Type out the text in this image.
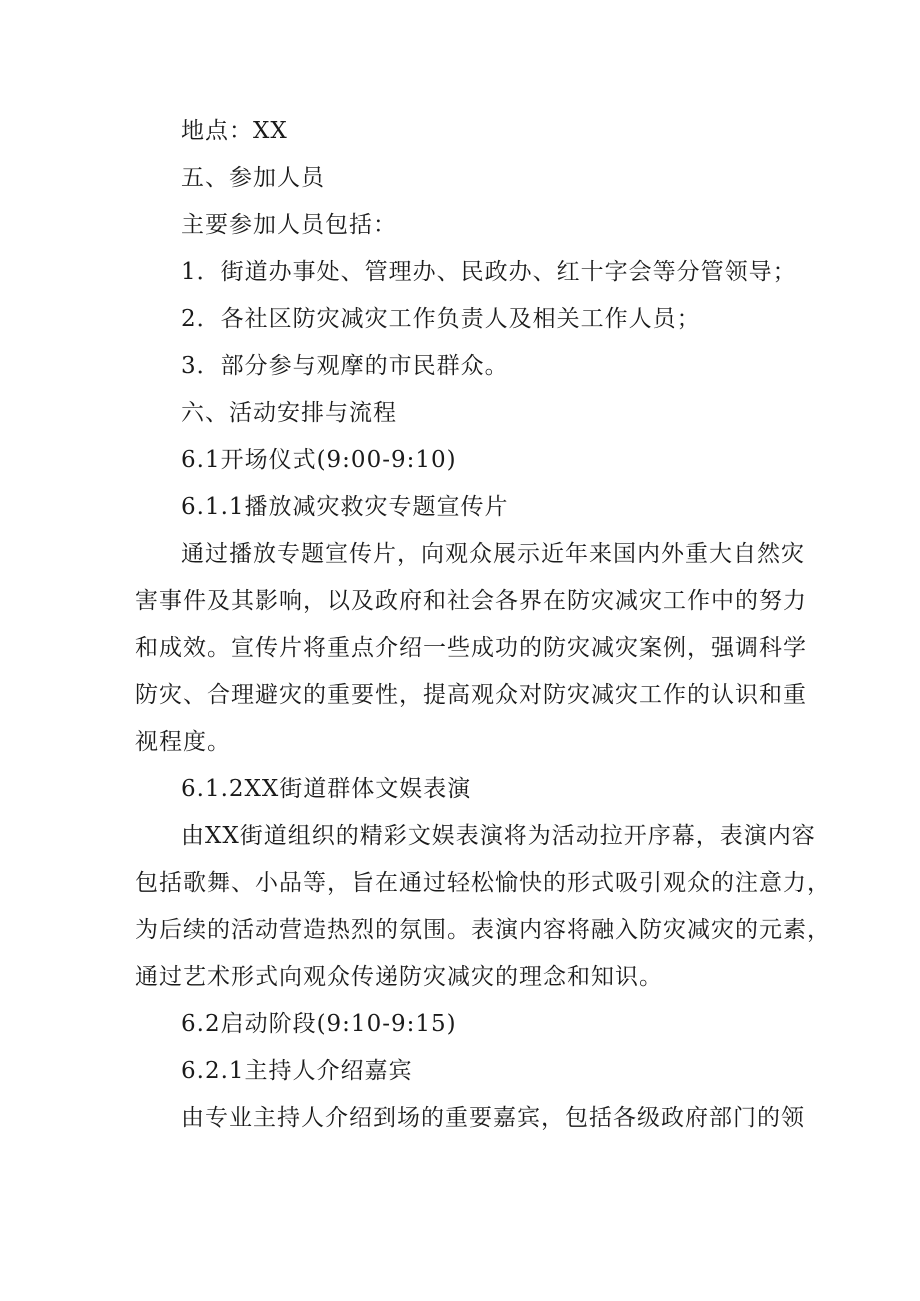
地点：XX
五、参加人员
主要参加人员包括：
1．街道办事处、管理办、民政办、红十字会等分管领导；
2．各社区防灾减灾工作负责人及相关工作人员；
3．部分参与观摩的市民群众。
六、活动安排与流程
6.1开场仪式(9:00-9:10)
6.1.1播放减灾救灾专题宣传片
通过播放专题宣传片，向观众展示近年来国内外重大自然灾
害事件及其影响，以及政府和社会各界在防灾减灾工作中的努力
和成效。宣传片将重点介绍一些成功的防灾减灾案例，强调科学
防灾、合理避灾的重要性，提高观众对防灾减灾工作的认识和重
视程度。
6.1.2XX街道群体文娱表演
由XX街道组织的精彩文娱表演将为活动拉开序幕，表演内容
包括歌舞、小品等，旨在通过轻松愉快的形式吸引观众的注意力，
为后续的活动营造热烈的氛围。表演内容将融入防灾减灾的元素，
通过艺术形式向观众传递防灾减灾的理念和知识。
6.2启动阶段(9:10-9:15)
6.2.1主持人介绍嘉宾
由专业主持人介绍到场的重要嘉宾，包括各级政府部门的领
